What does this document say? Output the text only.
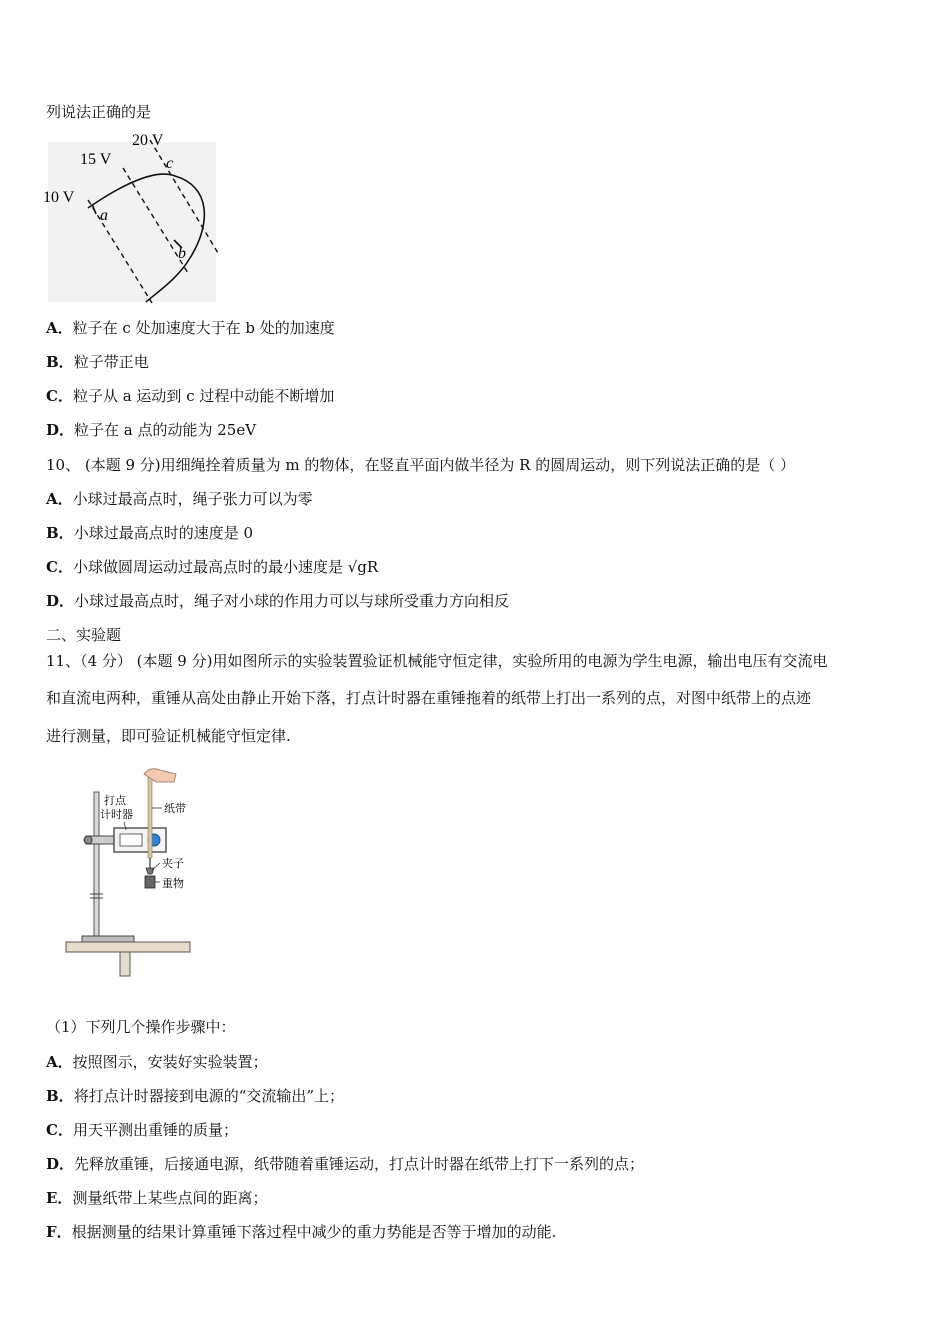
列说法正确的是
20 V
15 V
10 V
a
b
c
A．粒子在 c 处加速度大于在 b 处的加速度
B．粒子带正电
C．粒子从 a 运动到 c 过程中动能不断增加
D．粒子在 a 点的动能为 25eV
10、 (本题 9 分)用细绳拴着质量为 m 的物体，在竖直平面内做半径为 R 的圆周运动，则下列说法正确的是（ ）
A．小球过最高点时，绳子张力可以为零
B．小球过最高点时的速度是 0
C．小球做圆周运动过最高点时的最小速度是 √gR
D．小球过最高点时，绳子对小球的作用力可以与球所受重力方向相反
二、实验题
11、（4 分） (本题 9 分)用如图所示的实验装置验证机械能守恒定律，实验所用的电源为学生电源，输出电压有交流电
和直流电两种，重锤从高处由静止开始下落，打点计时器在重锤拖着的纸带上打出一系列的点，对图中纸带上的点迹
进行测量，即可验证机械能守恒定律.
打点
计时器	纸带
夹子
重物
（1）下列几个操作步骤中：
A．按照图示，安装好实验装置；
B．将打点计时器接到电源的“交流输出”上；
C．用天平测出重锤的质量；
D．先释放重锤，后接通电源，纸带随着重锤运动，打点计时器在纸带上打下一系列的点；
E．测量纸带上某些点间的距离；
F．根据测量的结果计算重锤下落过程中减少的重力势能是否等于增加的动能.
